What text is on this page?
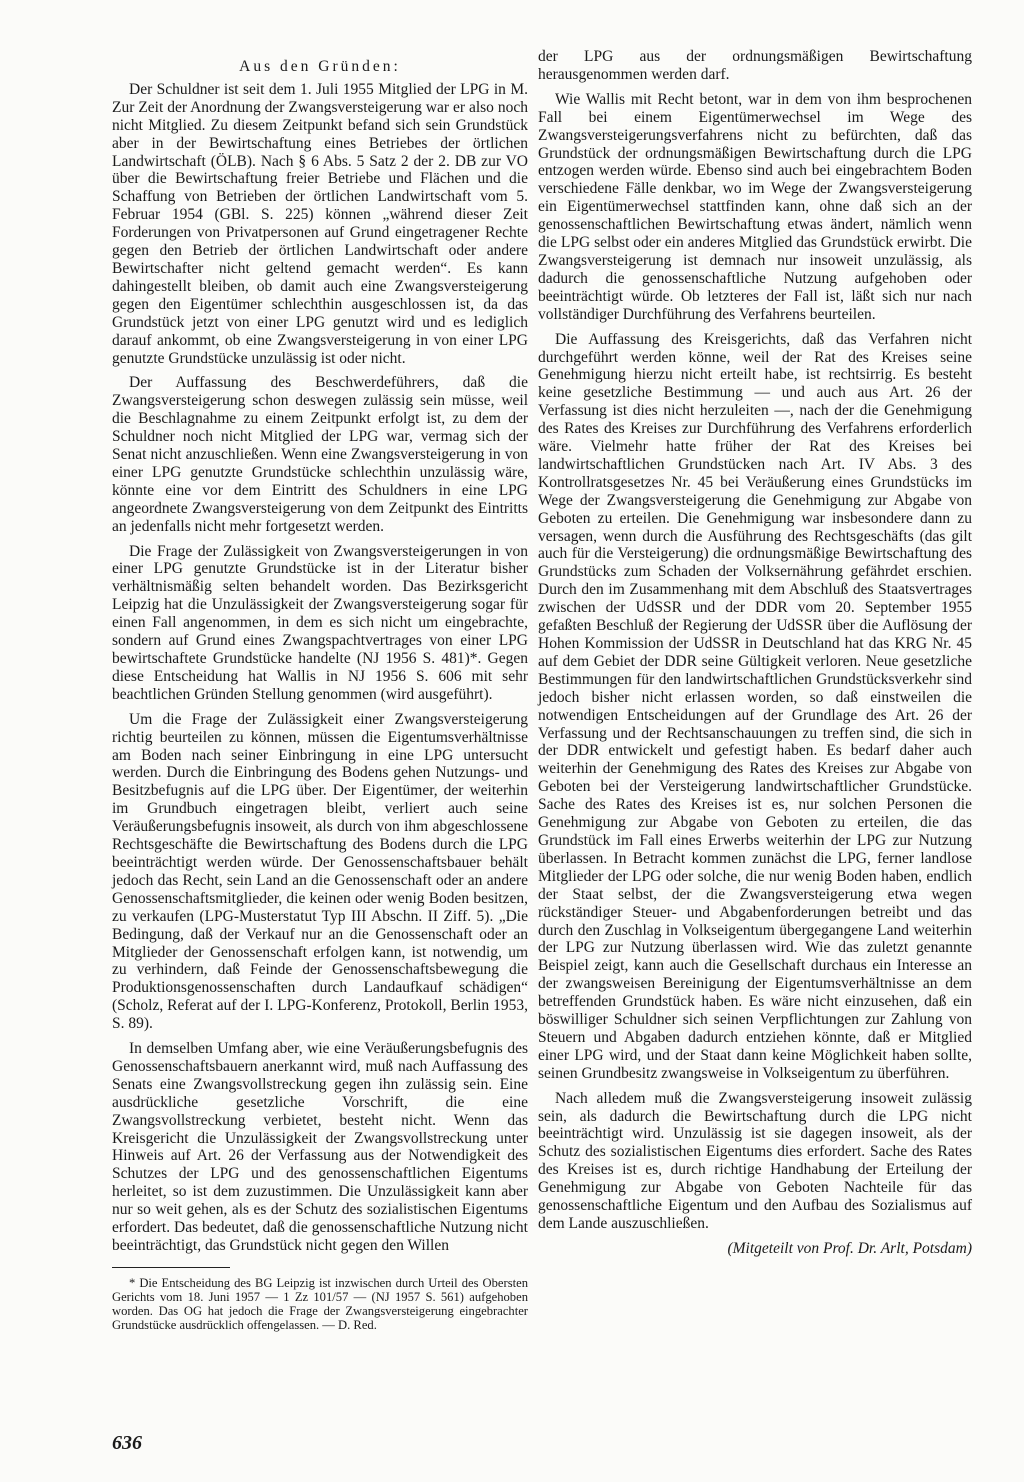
Aus den Gründen:

Der Schuldner ist seit dem 1. Juli 1955 Mitglied der LPG in M. Zur Zeit der Anordnung der Zwangsversteigerung war er also noch nicht Mitglied. Zu diesem Zeitpunkt befand sich sein Grundstück aber in der Bewirtschaftung eines Betriebes der örtlichen Landwirtschaft (ÖLB). Nach § 6 Abs. 5 Satz 2 der 2. DB zur VO über die Bewirtschaftung freier Betriebe und Flächen und die Schaffung von Betrieben der örtlichen Landwirtschaft vom 5. Februar 1954 (GBl. S. 225) können „während dieser Zeit Forderungen von Privatpersonen auf Grund eingetragener Rechte gegen den Betrieb der örtlichen Landwirtschaft oder andere Bewirtschafter nicht geltend gemacht werden“. Es kann dahingestellt bleiben, ob damit auch eine Zwangsversteigerung gegen den Eigentümer schlechthin ausgeschlossen ist, da das Grundstück jetzt von einer LPG genutzt wird und es lediglich darauf ankommt, ob eine Zwangsversteigerung in von einer LPG genutzte Grundstücke unzulässig ist oder nicht.

Der Auffassung des Beschwerdeführers, daß die Zwangsversteigerung schon deswegen zulässig sein müsse, weil die Beschlagnahme zu einem Zeitpunkt erfolgt ist, zu dem der Schuldner noch nicht Mitglied der LPG war, vermag sich der Senat nicht anzuschließen. Wenn eine Zwangsversteigerung in von einer LPG genutzte Grundstücke schlechthin unzulässig wäre, könnte eine vor dem Eintritt des Schuldners in eine LPG angeordnete Zwangsversteigerung von dem Zeitpunkt des Eintritts an jedenfalls nicht mehr fortgesetzt werden.

Die Frage der Zulässigkeit von Zwangsversteigerungen in von einer LPG genutzte Grundstücke ist in der Literatur bisher verhältnismäßig selten behandelt worden. Das Bezirksgericht Leipzig hat die Unzulässigkeit der Zwangsversteigerung sogar für einen Fall angenommen, in dem es sich nicht um eingebrachte, sondern auf Grund eines Zwangspachtvertrages von einer LPG bewirtschaftete Grundstücke handelte (NJ 1956 S. 481)*. Gegen diese Entscheidung hat Wallis in NJ 1956 S. 606 mit sehr beachtlichen Gründen Stellung genommen (wird ausgeführt).

Um die Frage der Zulässigkeit einer Zwangsversteigerung richtig beurteilen zu können, müssen die Eigentumsverhältnisse am Boden nach seiner Einbringung in eine LPG untersucht werden. Durch die Einbringung des Bodens gehen Nutzungs- und Besitzbefugnis auf die LPG über. Der Eigentümer, der weiterhin im Grundbuch eingetragen bleibt, verliert auch seine Veräußerungsbefugnis insoweit, als durch von ihm abgeschlossene Rechtsgeschäfte die Bewirtschaftung des Bodens durch die LPG beeinträchtigt werden würde. Der Genossenschaftsbauer behält jedoch das Recht, sein Land an die Genossenschaft oder an andere Genossenschaftsmitglieder, die keinen oder wenig Boden besitzen, zu verkaufen (LPG-Musterstatut Typ III Abschn. II Ziff. 5). „Die Bedingung, daß der Verkauf nur an die Genossenschaft oder an Mitglieder der Genossenschaft erfolgen kann, ist notwendig, um zu verhindern, daß Feinde der Genossenschaftsbewegung die Produktionsgenossenschaften durch Landaufkauf schädigen“ (Scholz, Referat auf der I. LPG-Konferenz, Protokoll, Berlin 1953, S. 89).

In demselben Umfang aber, wie eine Veräußerungsbefugnis des Genossenschaftsbauern anerkannt wird, muß nach Auffassung des Senats eine Zwangsvollstreckung gegen ihn zulässig sein. Eine ausdrückliche gesetzliche Vorschrift, die eine Zwangsvollstreckung verbietet, besteht nicht. Wenn das Kreisgericht die Unzulässigkeit der Zwangsvollstreckung unter Hinweis auf Art. 26 der Verfassung aus der Notwendigkeit des Schutzes der LPG und des genossenschaftlichen Eigentums herleitet, so ist dem zuzustimmen. Die Unzulässigkeit kann aber nur so weit gehen, als es der Schutz des sozialistischen Eigentums erfordert. Das bedeutet, daß die genossenschaftliche Nutzung nicht beeinträchtigt, das Grundstück nicht gegen den Willen

* Die Entscheidung des BG Leipzig ist inzwischen durch Urteil des Obersten Gerichts vom 18. Juni 1957 — 1 Zz 101/57 — (NJ 1957 S. 561) aufgehoben worden. Das OG hat jedoch die Frage der Zwangsversteigerung eingebrachter Grundstücke ausdrücklich offengelassen. — D. Red.

der LPG aus der ordnungsmäßigen Bewirtschaftung herausgenommen werden darf.

Wie Wallis mit Recht betont, war in dem von ihm besprochenen Fall bei einem Eigentümerwechsel im Wege des Zwangsversteigerungsverfahrens nicht zu befürchten, daß das Grundstück der ordnungsmäßigen Bewirtschaftung durch die LPG entzogen werden würde. Ebenso sind auch bei eingebrachtem Boden verschiedene Fälle denkbar, wo im Wege der Zwangsversteigerung ein Eigentümerwechsel stattfinden kann, ohne daß sich an der genossenschaftlichen Bewirtschaftung etwas ändert, nämlich wenn die LPG selbst oder ein anderes Mitglied das Grundstück erwirbt. Die Zwangsversteigerung ist demnach nur insoweit unzulässig, als dadurch die genossenschaftliche Nutzung aufgehoben oder beeinträchtigt würde. Ob letzteres der Fall ist, läßt sich nur nach vollständiger Durchführung des Verfahrens beurteilen.

Die Auffassung des Kreisgerichts, daß das Verfahren nicht durchgeführt werden könne, weil der Rat des Kreises seine Genehmigung hierzu nicht erteilt habe, ist rechtsirrig. Es besteht keine gesetzliche Bestimmung — und auch aus Art. 26 der Verfassung ist dies nicht herzuleiten —, nach der die Genehmigung des Rates des Kreises zur Durchführung des Verfahrens erforderlich wäre. Vielmehr hatte früher der Rat des Kreises bei landwirtschaftlichen Grundstücken nach Art. IV Abs. 3 des Kontrollratsgesetzes Nr. 45 bei Veräußerung eines Grundstücks im Wege der Zwangsversteigerung die Genehmigung zur Abgabe von Geboten zu erteilen. Die Genehmigung war insbesondere dann zu versagen, wenn durch die Ausführung des Rechtsgeschäfts (das gilt auch für die Versteigerung) die ordnungsmäßige Bewirtschaftung des Grundstücks zum Schaden der Volksernährung gefährdet erschien. Durch den im Zusammenhang mit dem Abschluß des Staatsvertrages zwischen der UdSSR und der DDR vom 20. September 1955 gefaßten Beschluß der Regierung der UdSSR über die Auflösung der Hohen Kommission der UdSSR in Deutschland hat das KRG Nr. 45 auf dem Gebiet der DDR seine Gültigkeit verloren. Neue gesetzliche Bestimmungen für den landwirtschaftlichen Grundstücksverkehr sind jedoch bisher nicht erlassen worden, so daß einstweilen die notwendigen Entscheidungen auf der Grundlage des Art. 26 der Verfassung und der Rechtsanschauungen zu treffen sind, die sich in der DDR entwickelt und gefestigt haben. Es bedarf daher auch weiterhin der Genehmigung des Rates des Kreises zur Abgabe von Geboten bei der Versteigerung landwirtschaftlicher Grundstücke. Sache des Rates des Kreises ist es, nur solchen Personen die Genehmigung zur Abgabe von Geboten zu erteilen, die das Grundstück im Fall eines Erwerbs weiterhin der LPG zur Nutzung überlassen. In Betracht kommen zunächst die LPG, ferner landlose Mitglieder der LPG oder solche, die nur wenig Boden haben, endlich der Staat selbst, der die Zwangsversteigerung etwa wegen rückständiger Steuer- und Abgabenforderungen betreibt und das durch den Zuschlag in Volkseigentum übergegangene Land weiterhin der LPG zur Nutzung überlassen wird. Wie das zuletzt genannte Beispiel zeigt, kann auch die Gesellschaft durchaus ein Interesse an der zwangsweisen Bereinigung der Eigentumsverhältnisse an dem betreffenden Grundstück haben. Es wäre nicht einzusehen, daß ein böswilliger Schuldner sich seinen Verpflichtungen zur Zahlung von Steuern und Abgaben dadurch entziehen könnte, daß er Mitglied einer LPG wird, und der Staat dann keine Möglichkeit haben sollte, seinen Grundbesitz zwangsweise in Volkseigentum zu überführen.

Nach alledem muß die Zwangsversteigerung insoweit zulässig sein, als dadurch die Bewirtschaftung durch die LPG nicht beeinträchtigt wird. Unzulässig ist sie dagegen insoweit, als der Schutz des sozialistischen Eigentums dies erfordert. Sache des Rates des Kreises ist es, durch richtige Handhabung der Erteilung der Genehmigung zur Abgabe von Geboten Nachteile für das genossenschaftliche Eigentum und den Aufbau des Sozialismus auf dem Lande auszuschließen.

(Mitgeteilt von Prof. Dr. Arlt, Potsdam)

636
